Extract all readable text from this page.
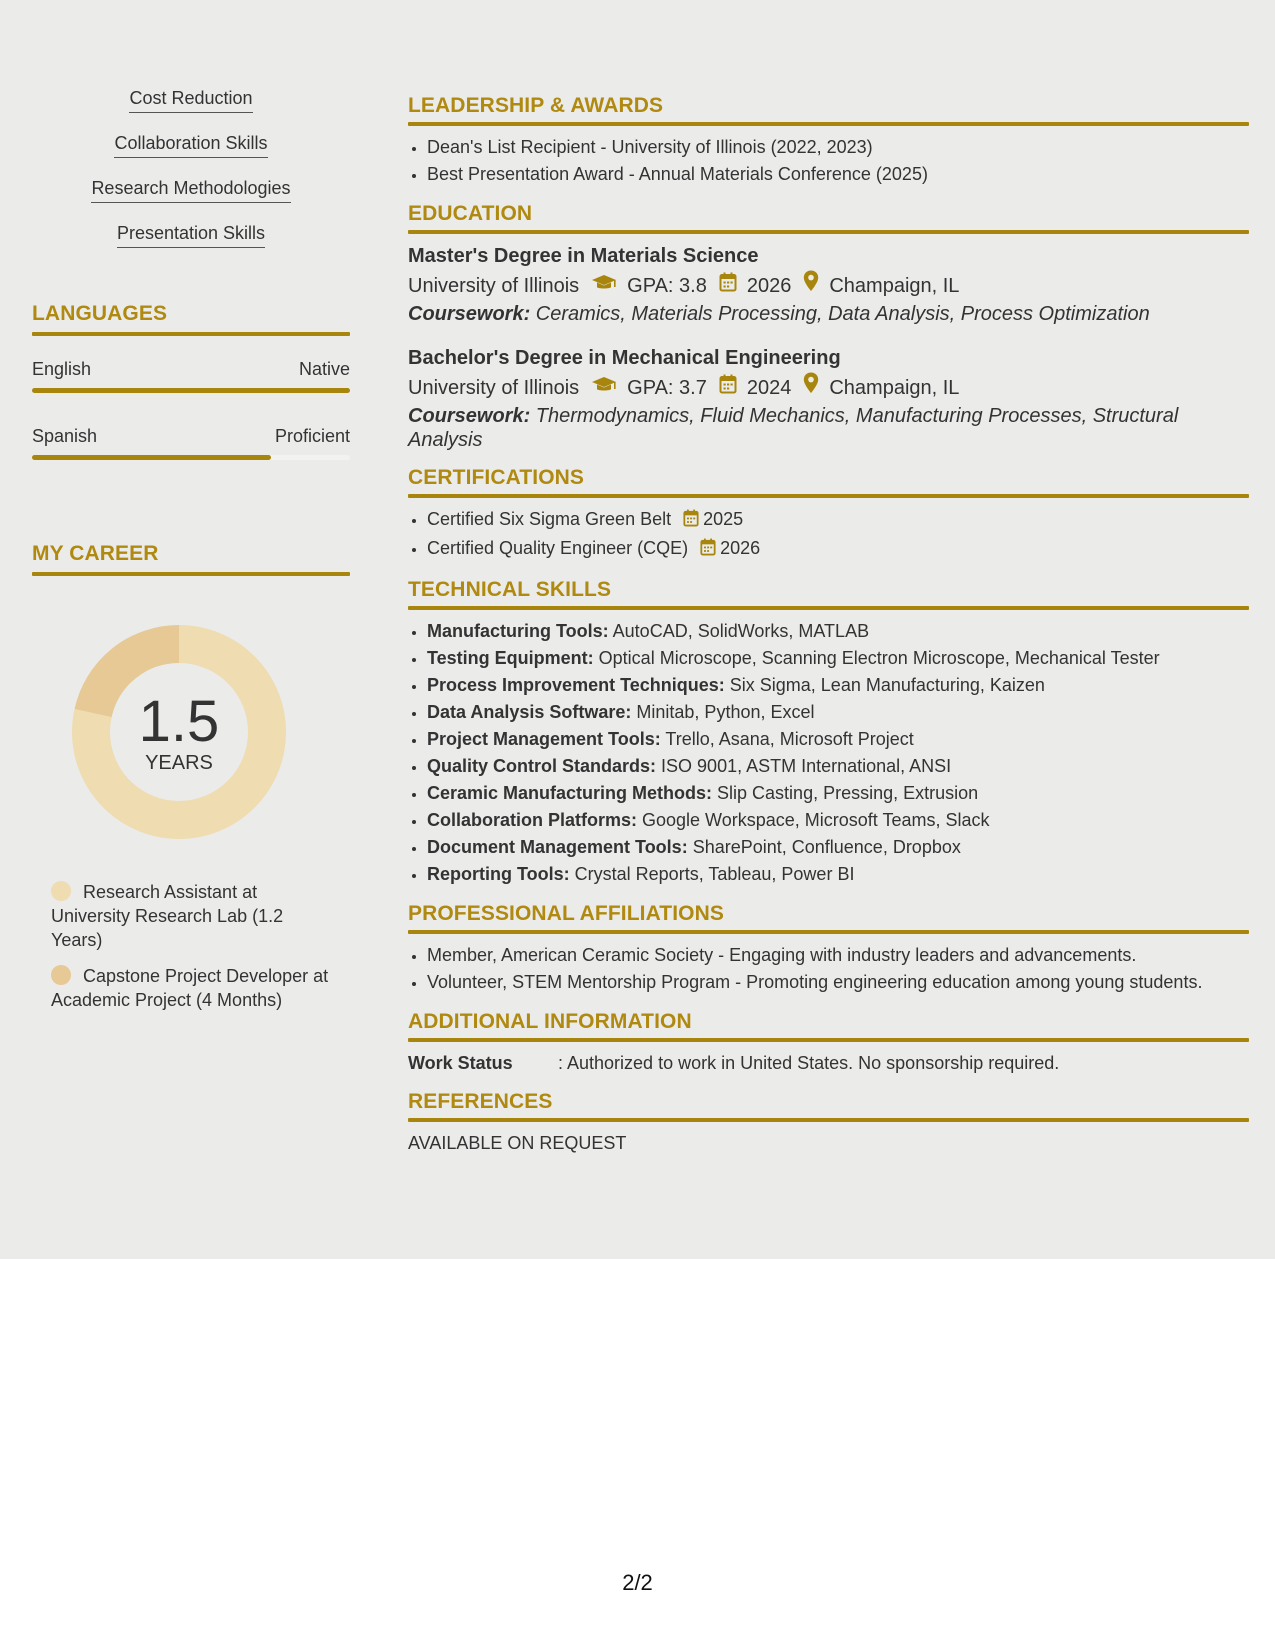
Cost Reduction
Collaboration Skills
Research Methodologies
Presentation Skills
LANGUAGES
English	Native
Spanish	Proficient
MY CAREER
1.5
YEARS
Research Assistant at University Research Lab (1.2 Years)
Capstone Project Developer at Academic Project (4 Months)
LEADERSHIP & AWARDS
• Dean's List Recipient - University of Illinois (2022, 2023)
• Best Presentation Award - Annual Materials Conference (2025)
EDUCATION
Master's Degree in Materials Science
University of Illinois GPA: 3.8 2026 Champaign, IL
Coursework: Ceramics, Materials Processing, Data Analysis, Process Optimization
Bachelor's Degree in Mechanical Engineering
University of Illinois GPA: 3.7 2024 Champaign, IL
Coursework: Thermodynamics, Fluid Mechanics, Manufacturing Processes, Structural Analysis
CERTIFICATIONS
• Certified Six Sigma Green Belt 2025
• Certified Quality Engineer (CQE) 2026
TECHNICAL SKILLS
• Manufacturing Tools: AutoCAD, SolidWorks, MATLAB
• Testing Equipment: Optical Microscope, Scanning Electron Microscope, Mechanical Tester
• Process Improvement Techniques: Six Sigma, Lean Manufacturing, Kaizen
• Data Analysis Software: Minitab, Python, Excel
• Project Management Tools: Trello, Asana, Microsoft Project
• Quality Control Standards: ISO 9001, ASTM International, ANSI
• Ceramic Manufacturing Methods: Slip Casting, Pressing, Extrusion
• Collaboration Platforms: Google Workspace, Microsoft Teams, Slack
• Document Management Tools: SharePoint, Confluence, Dropbox
• Reporting Tools: Crystal Reports, Tableau, Power BI
PROFESSIONAL AFFILIATIONS
• Member, American Ceramic Society - Engaging with industry leaders and advancements.
• Volunteer, STEM Mentorship Program - Promoting engineering education among young students.
ADDITIONAL INFORMATION
Work Status	: Authorized to work in United States. No sponsorship required.
REFERENCES
AVAILABLE ON REQUEST
2/2
